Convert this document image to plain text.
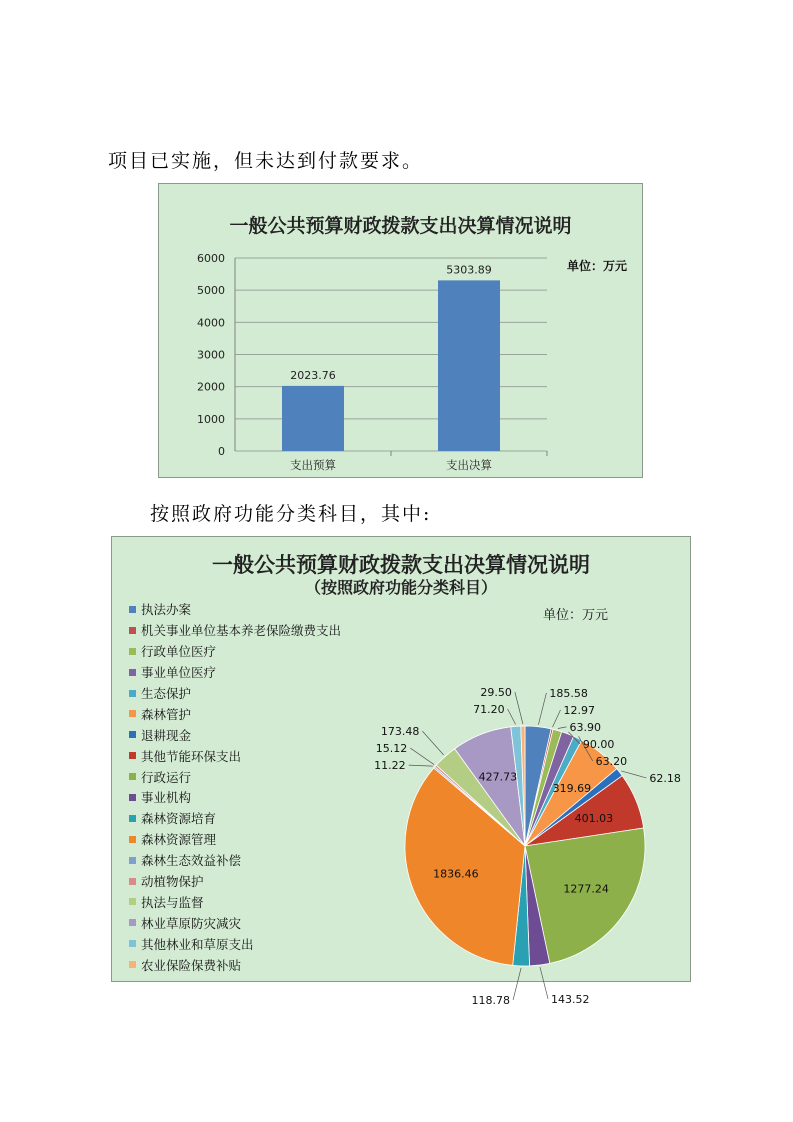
项目已实施，但未达到付款要求。
一般公共预算财政拨款支出决算情况说明
单位：万元
0
1000
2000
3000
4000
5000
6000
2023.76
支出预算
5303.89
支出决算
按照政府功能分类科目，其中:
一般公共预算财政拨款支出决算情况说明
（按照政府功能分类科目）
单位：万元
执法办案
机关事业单位基本养老保险缴费支出
行政单位医疗
事业单位医疗
生态保护
森林管护
退耕现金
其他节能环保支出
行政运行
事业机构
森林资源培育
森林资源管理
森林生态效益补偿
动植物保护
执法与监督
林业草原防灾减灾
其他林业和草原支出
农业保险保费补贴
319.69
401.03
1277.24
1836.46
427.73
185.58
12.97
63.90
90.00
63.20
62.18
143.52
29.50
71.20
173.48
15.12
11.22
118.78
